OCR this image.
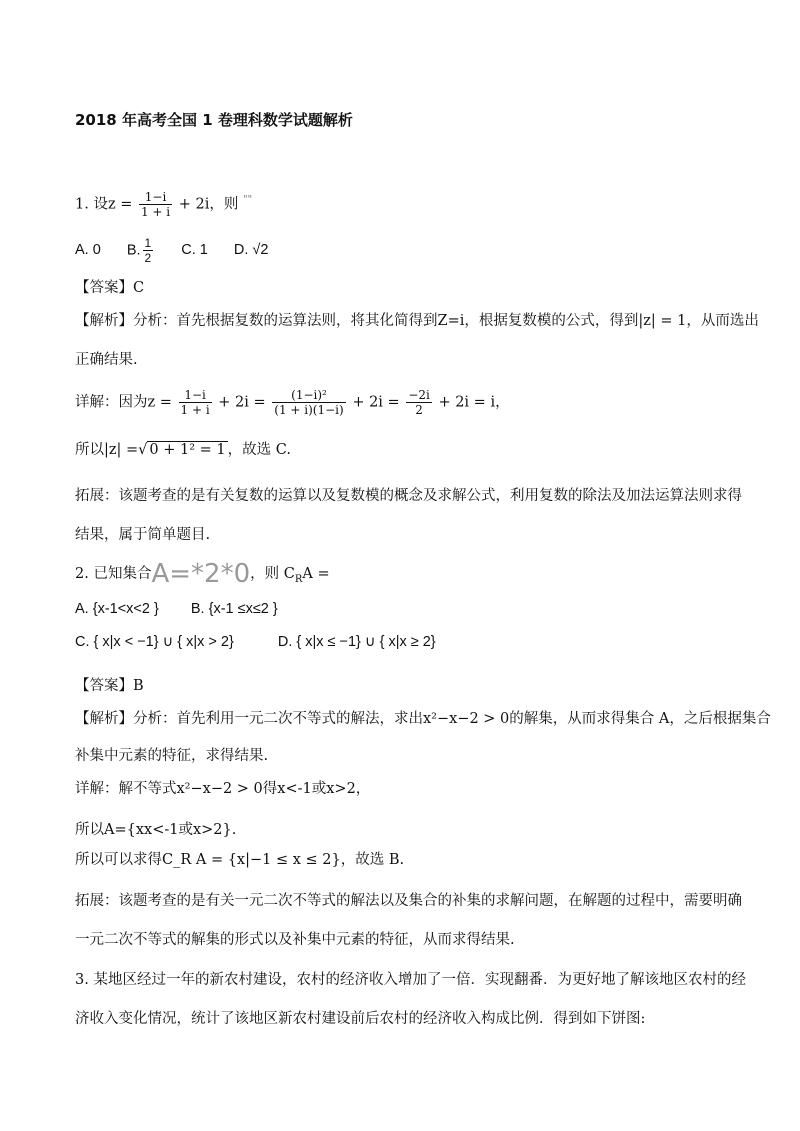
2018 年高考全国 1 卷理科数学试题解析
1. 设$z = \frac{1-i}{1 + i} + 2i$，则 ""
A. 0 B. $\frac{1}{2} C$. 1 D. √2
【答案】C
【解析】分析：首先根据复数的运算法则，将其化简得到Z=i，根据复数模的公式，得到|z| = 1，从而选出
正确结果.
详解：因为$z = \frac{1-i}{1 + i} + 2i = \frac{\text{(1−i)²}}{(1 + i)(1-i)} + 2i = \frac{-2i}{2} + 2i = i$，
所以|z| =√ 0 + 1² = 1 ，故选 C.
拓展：该题考查的是有关复数的运算以及复数模的概念及求解公式，利用复数的除法及加法运算法则求得
结果，属于简单题目.
2. 已知集合A=*2*0，则 $C_RA$ =
A. {x-1<x<2 } B. {x-1 ≤x≤2 }
C. { x|x < −1} ∪ { x|x > 2}	D. { x|x ≤ −1} ∪ { x|x ≥ 2}
【答案】B
【解析】分析：首先利用一元二次不等式的解法，求出x²−x−2 > 0的解集，从而求得集合 A，之后根据集合
补集中元素的特征，求得结果.
详解：解不等式x²−x−2 > 0得x<-1或x>2，
所以A={xx<-1或x>2}.
所以可以求得C_R A = {x|−1 ≤ x ≤ 2}，故选 B.
拓展：该题考查的是有关一元二次不等式的解法以及集合的补集的求解问题，在解题的过程中，需要明确
一元二次不等式的解集的形式以及补集中元素的特征，从而求得结果.
3. 某地区经过一年的新农村建设，农村的经济收入增加了一倍．实现翻番．为更好地了解该地区农村的经
济收入变化情况，统计了该地区新农村建设前后农村的经济收入构成比例．得到如下饼图:
